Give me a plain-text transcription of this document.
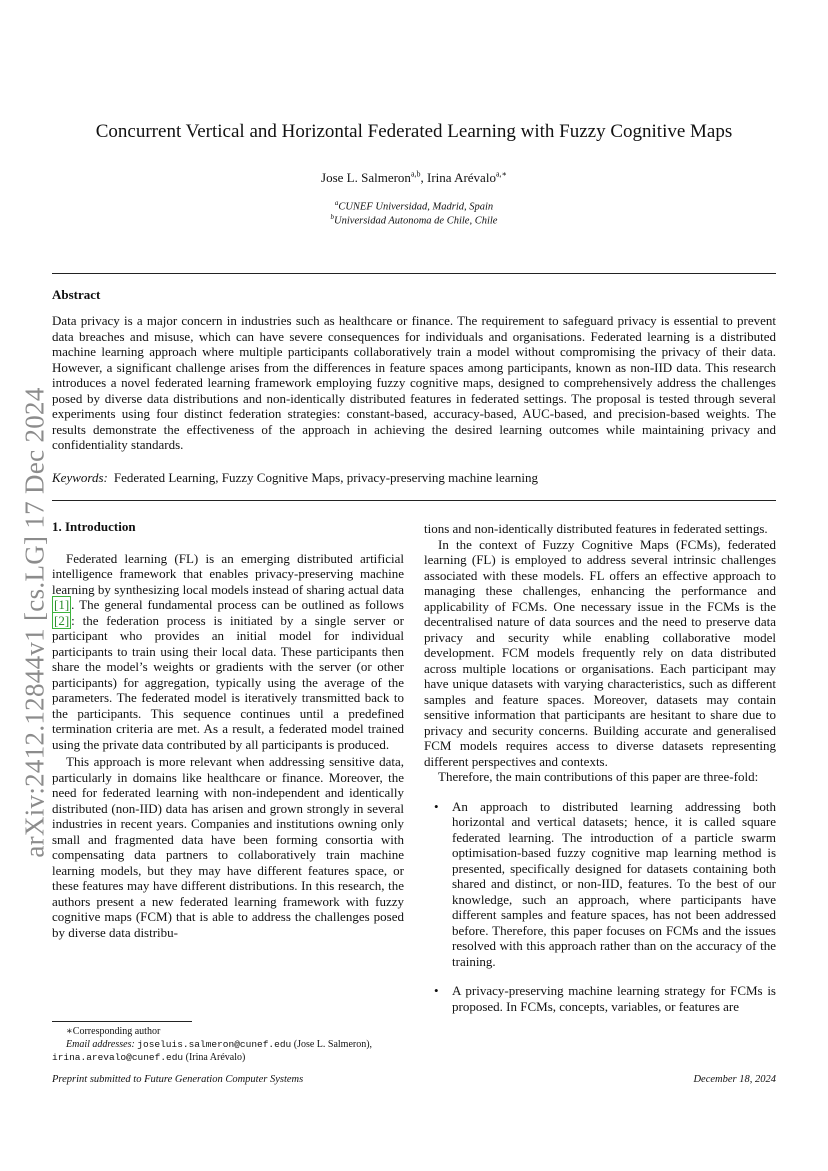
arXiv:2412.12844v1 [cs.LG] 17 Dec 2024
Concurrent Vertical and Horizontal Federated Learning with Fuzzy Cognitive Maps
Jose L. Salmeron$^{a,b}$, Irina Arévalo$^{a,∗}$
$^a$CUNEF Universidad, Madrid, Spain
$^b$Universidad Autonoma de Chile, Chile
Abstract
Data privacy is a major concern in industries such as healthcare or finance. The requirement to safeguard privacy is essential to prevent data breaches and misuse, which can have severe consequences for individuals and organisations. Federated learning is a distributed machine learning approach where multiple participants collaboratively train a model without compromising the privacy of their data. However, a significant challenge arises from the differences in feature spaces among participants, known as non-IID data. This research introduces a novel federated learning framework employing fuzzy cognitive maps, designed to comprehensively address the challenges posed by diverse data distributions and non-identically distributed features in federated settings. The proposal is tested through several experiments using four distinct federation strategies: constant-based, accuracy-based, AUC-based, and precision-based weights. The results demonstrate the effectiveness of the approach in achieving the desired learning outcomes while maintaining privacy and confidentiality standards.
Keywords: Federated Learning, Fuzzy Cognitive Maps, privacy-preserving machine learning

1. Introduction

Federated learning (FL) is an emerging distributed artificial intelligence framework that enables privacy-preserving machine learning by synthesizing local models instead of sharing actual data [1] . The general fundamental process can be outlined as follows [2] : the federation process is initiated by a single server or participant who provides an initial model for individual participants to train using their local data. These participants then share the model’s weights or gradients with the server (or other participants) for aggregation, typically using the average of the parameters. The federated model is iteratively transmitted back to the participants. This sequence continues until a predefined termination criteria are met. As a result, a federated model trained using the private data contributed by all participants is produced.

This approach is more relevant when addressing sensitive data, particularly in domains like healthcare or finance. Moreover, the need for federated learning with non-independent and identically distributed (non-IID) data has arisen and grown strongly in several industries in recent years. Companies and institutions owning only small and fragmented data have been forming consortia with compensating data partners to collaboratively train machine learning models, but they may have different features space, or these features may have different distributions. In this research, the authors present a new federated learning framework with fuzzy cognitive maps (FCM) that is able to address the challenges posed by diverse data distribu-

tions and non-identically distributed features in federated settings.

In the context of Fuzzy Cognitive Maps (FCMs), federated learning (FL) is employed to address several intrinsic challenges associated with these models. FL offers an effective approach to managing these challenges, enhancing the performance and applicability of FCMs. One necessary issue in the FCMs is the decentralised nature of data sources and the need to preserve data privacy and security while enabling collaborative model development. FCM models frequently rely on data distributed across multiple locations or organisations. Each participant may have unique datasets with varying characteristics, such as different samples and feature spaces. Moreover, datasets may contain sensitive information that participants are hesitant to share due to privacy and security concerns. Building accurate and generalised FCM models requires access to diverse datasets representing different perspectives and contexts.

Therefore, the main contributions of this paper are three-fold:

• An approach to distributed learning addressing both horizontal and vertical datasets; hence, it is called square federated learning. The introduction of a particle swarm optimisation-based fuzzy cognitive map learning method is presented, specifically designed for datasets containing both shared and distinct, or non-IID, features. To the best of our knowledge, such an approach, where participants have different samples and feature spaces, has not been addressed before. Therefore, this paper focuses on FCMs and the issues resolved with this approach rather than on the accuracy of the training.
• A privacy-preserving machine learning strategy for FCMs is proposed. In FCMs, concepts, variables, or features are
∗Corresponding author
Email addresses: joseluis.salmeron@cunef.edu (Jose L. Salmeron),
irina.arevalo@cunef.edu (Irina Arévalo)
Preprint submitted to Future Generation Computer Systems	December 18, 2024
